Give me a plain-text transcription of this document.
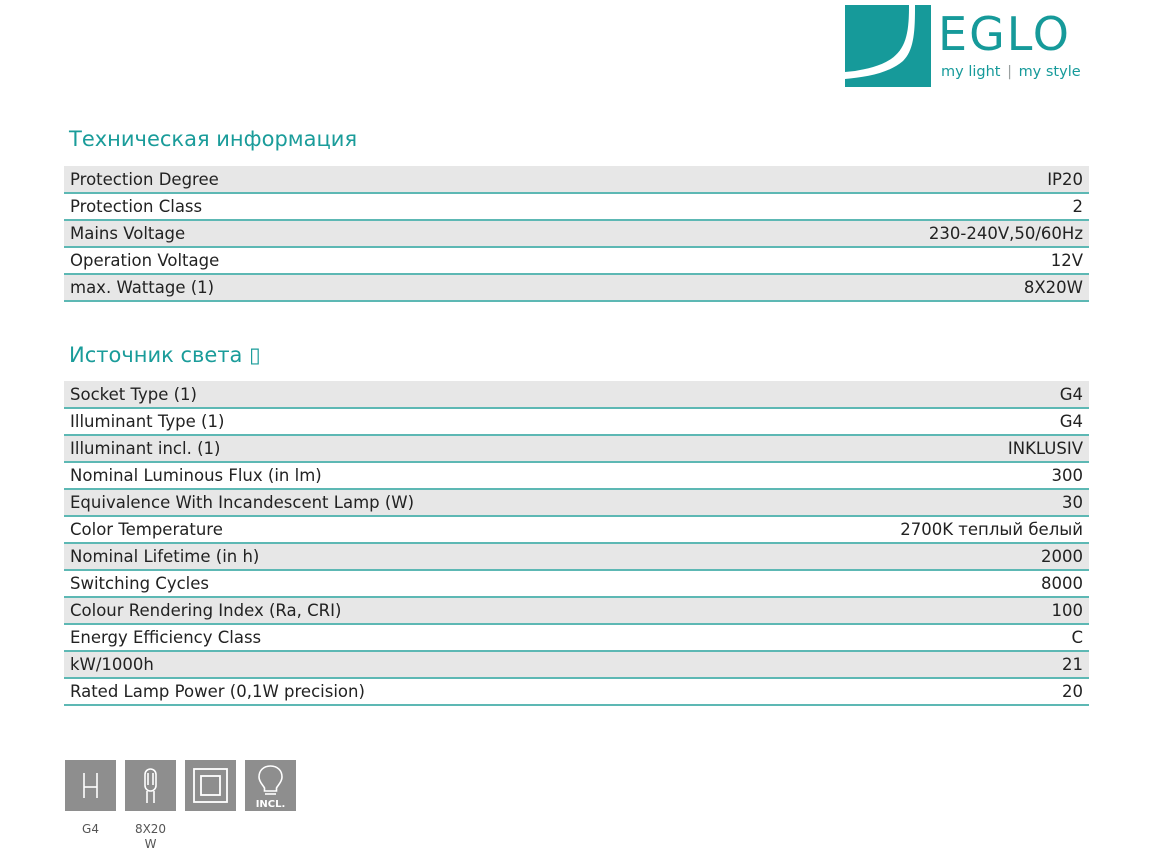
EGLO
my light | my style
Техническая информация
Protection Degree	IP20
Protection Class	2
Mains Voltage	230-240V,50/60Hz
Operation Voltage	12V
max. Wattage (1)	8X20W
Источник света ▯
Socket Type (1)	G4
Illuminant Type (1)	G4
Illuminant incl. (1)	INKLUSIV
Nominal Luminous Flux (in lm)	300
Equivalence With Incandescent Lamp (W)	30
Color Temperature	2700K теплый белый
Nominal Lifetime (in h)	2000
Switching Cycles	8000
Colour Rendering Index (Ra, CRI)	100
Energy Efficiency Class	C
kW/1000h	21
Rated Lamp Power (0,1W precision)	20
G4	8X20
W
INCL.
